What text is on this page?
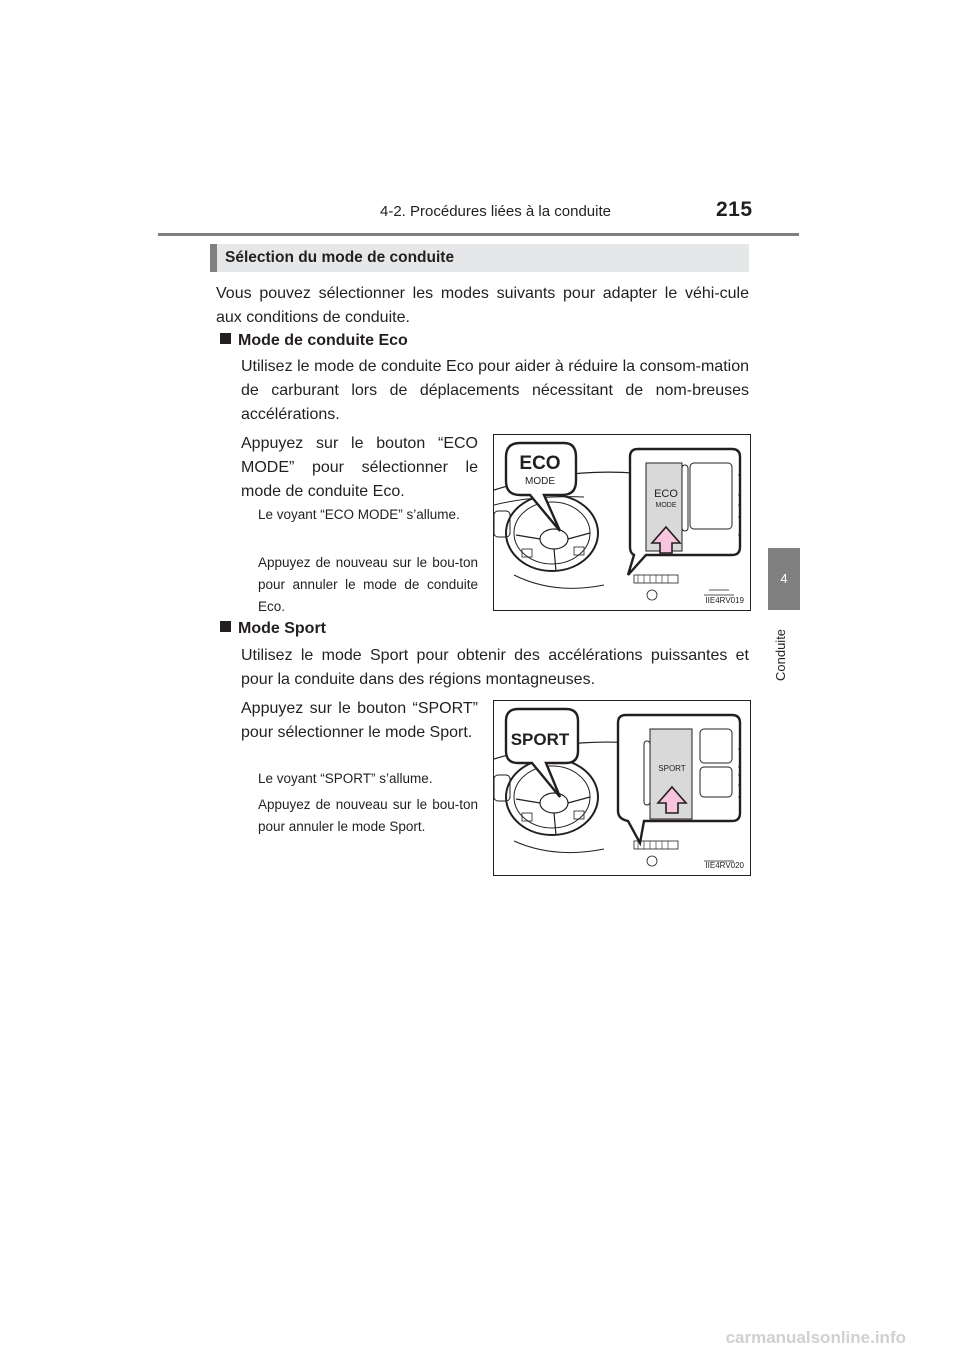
4-2. Procédures liées à la conduite	215
4
Conduite
Sélection du mode de conduite
Vous pouvez sélectionner les modes suivants pour adapter le véhi-cule aux conditions de conduite.
Mode de conduite Eco
Utilisez le mode de conduite Eco pour aider à réduire la consom-mation de carburant lors de déplacements nécessitant de nom-breuses accélérations.
Appuyez sur le bouton “ECO MODE” pour sélectionner le mode de conduite Eco.
Le voyant “ECO MODE” s’allume.
Appuyez de nouveau sur le bou-ton pour annuler le mode de conduite Eco.
ECO
MODE
ECO
MODE
IIE4RV019
Mode Sport
Utilisez le mode Sport pour obtenir des accélérations puissantes et pour la conduite dans des régions montagneuses.
Appuyez sur le bouton “SPORT” pour sélectionner le mode Sport.
Le voyant “SPORT” s’allume.
Appuyez de nouveau sur le bou-ton pour annuler le mode Sport.
SPORT
SPORT
IIE4RV020
carmanualsonline.info
